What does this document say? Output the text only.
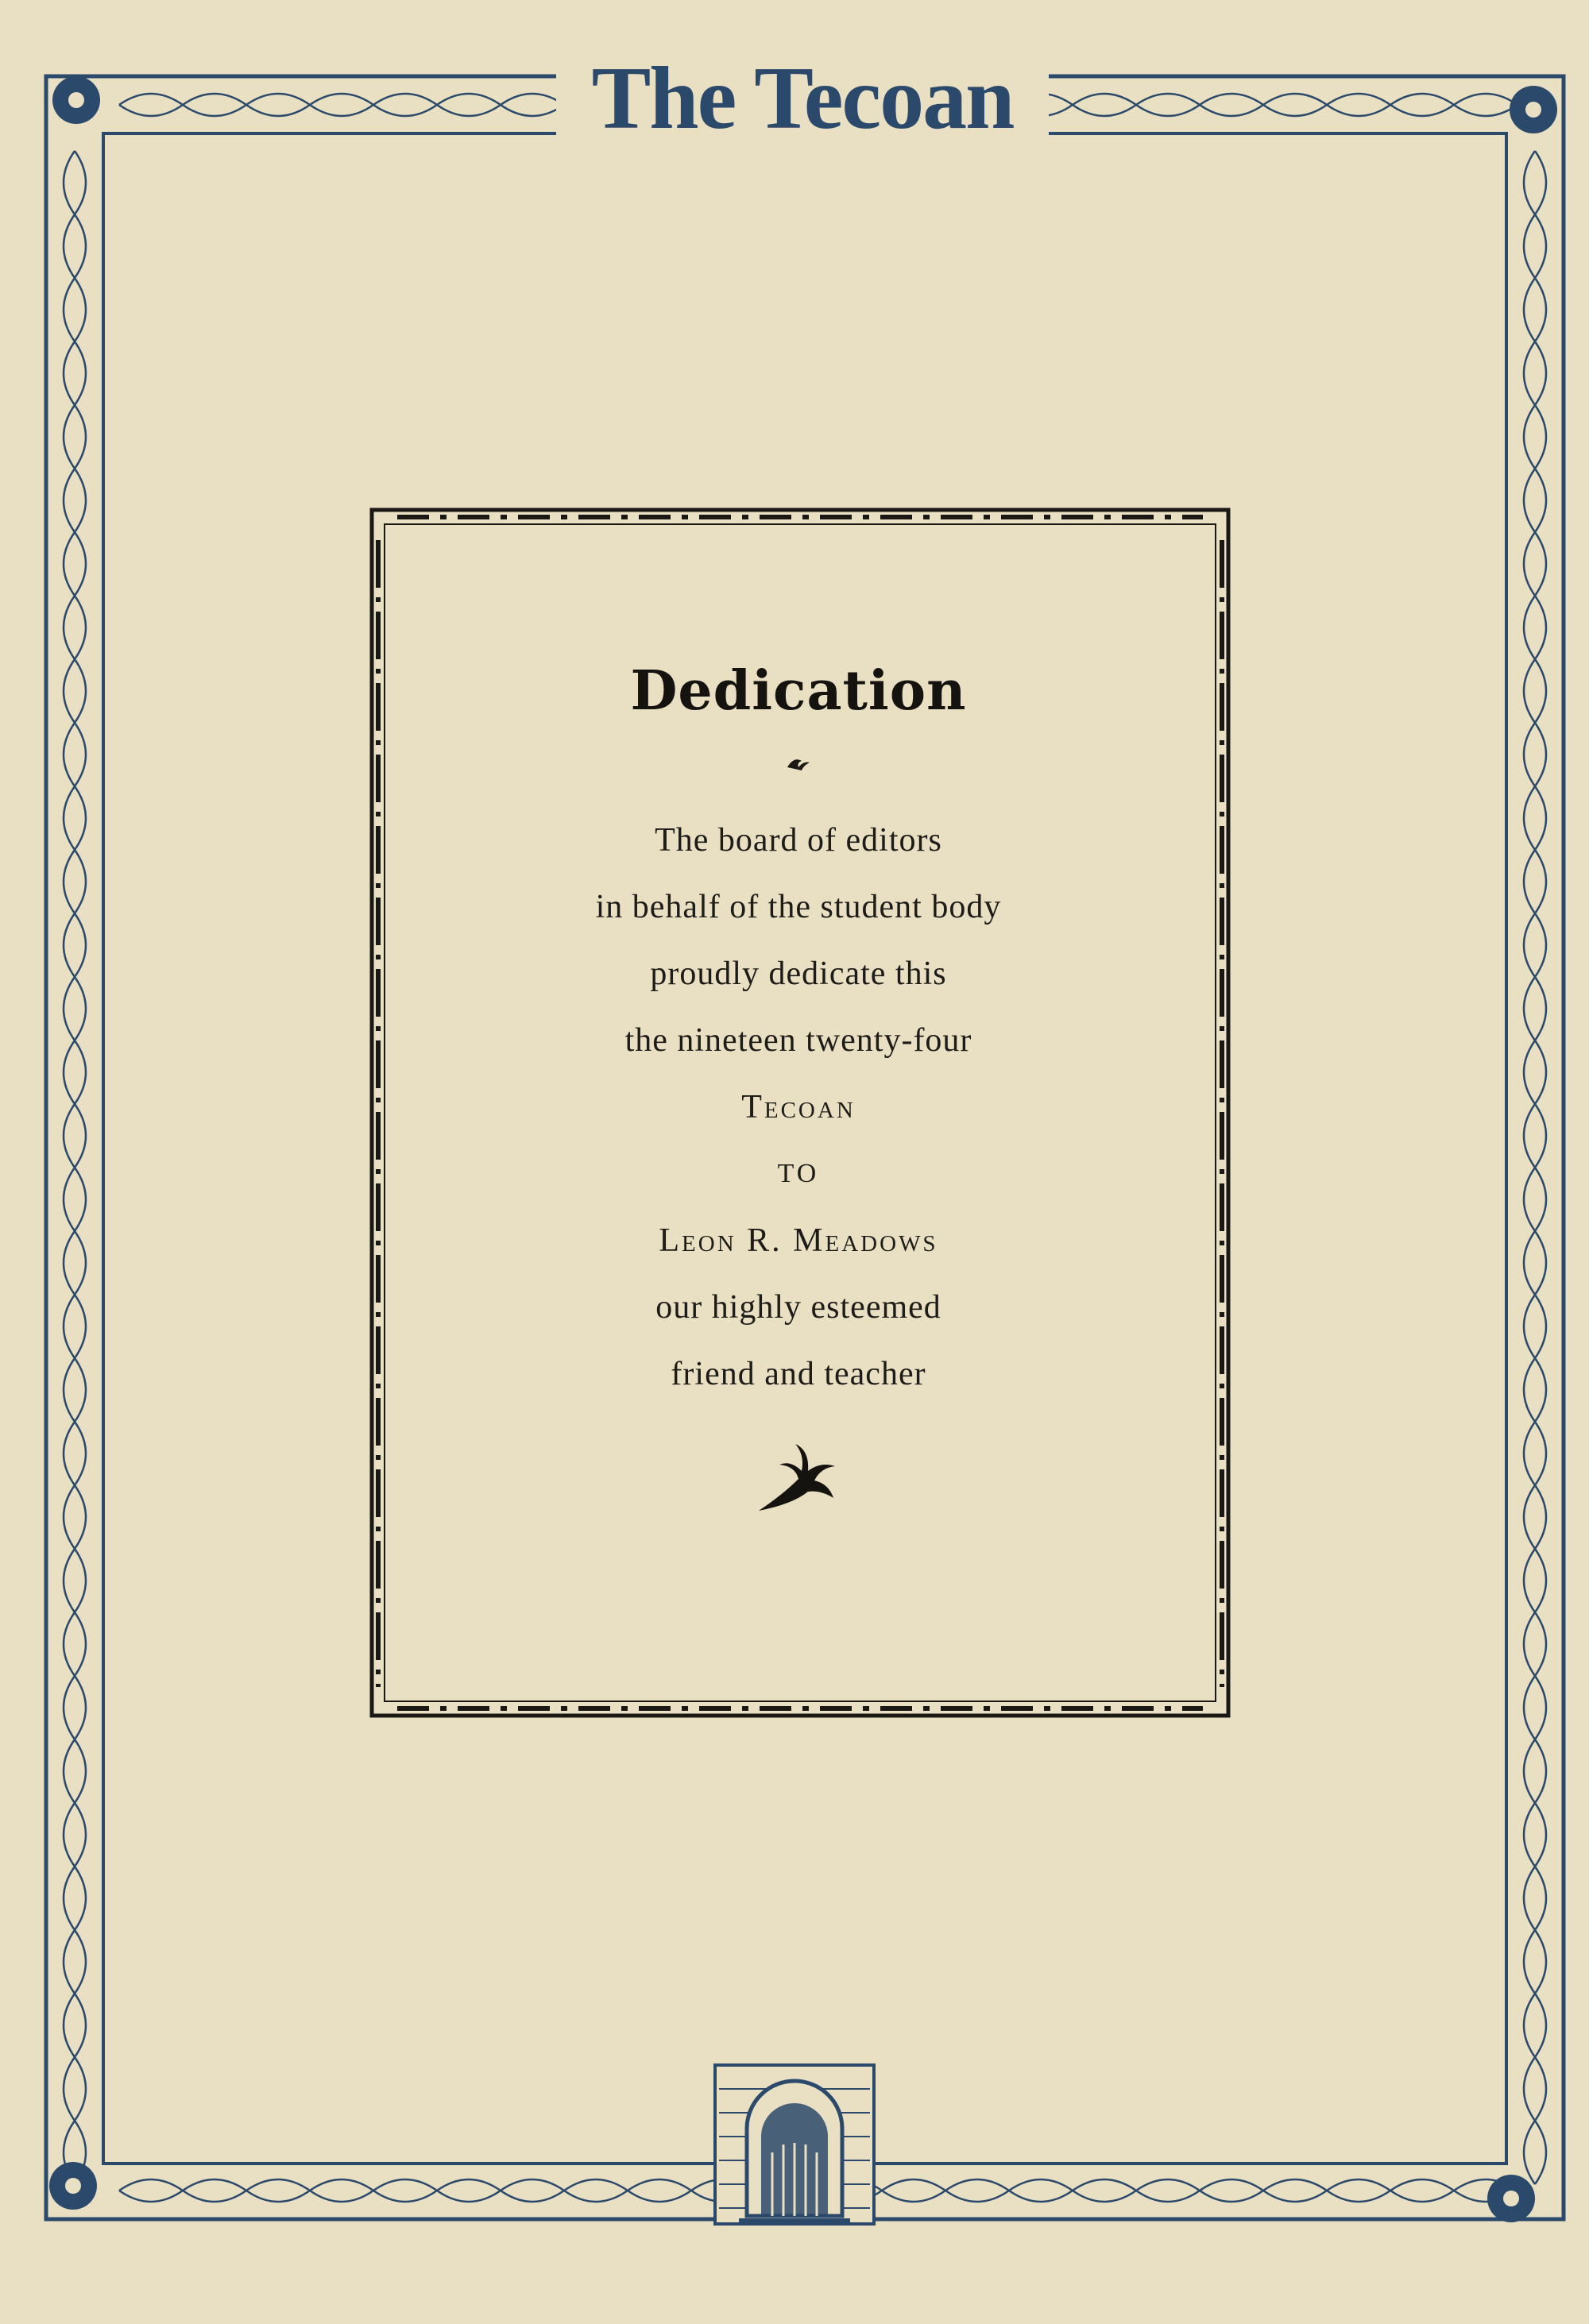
The Tecoan
Dedication
The board of editors
in behalf of the student body
proudly dedicate this
the nineteen twenty-four
Tecoan
TO
Leon R. Meadows
our highly esteemed
friend and teacher
